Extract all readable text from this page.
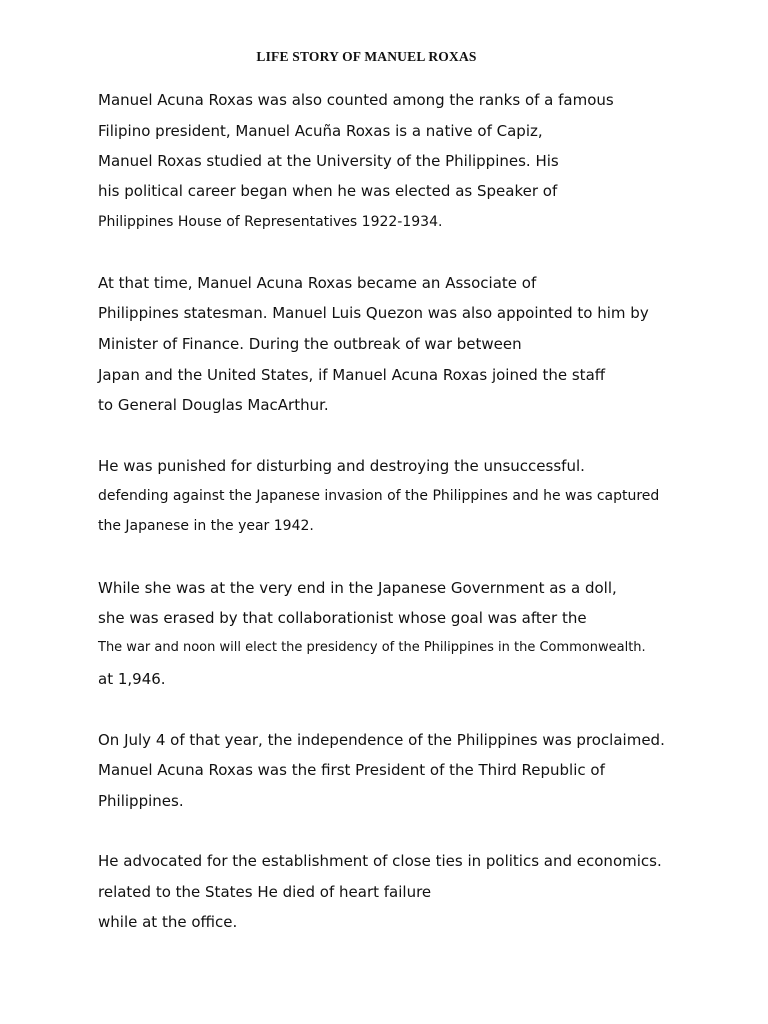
LIFE STORY OF MANUEL ROXAS
Manuel Acuna Roxas was also counted among the ranks of a famous
Filipino president, Manuel Acuña Roxas is a native of Capiz,
Manuel Roxas studied at the University of the Philippines. His
his political career began when he was elected as Speaker of
Philippines House of Representatives 1922-1934.
At that time, Manuel Acuna Roxas became an Associate of
Philippines statesman. Manuel Luis Quezon was also appointed to him by
Minister of Finance. During the outbreak of war between
Japan and the United States, if Manuel Acuna Roxas joined the staff
to General Douglas MacArthur.
He was punished for disturbing and destroying the unsuccessful.
defending against the Japanese invasion of the Philippines and he was captured
the Japanese in the year 1942.
While she was at the very end in the Japanese Government as a doll,
she was erased by that collaborationist whose goal was after the
The war and noon will elect the presidency of the Philippines in the Commonwealth.
at 1,946.
On July 4 of that year, the independence of the Philippines was proclaimed.
Manuel Acuna Roxas was the first President of the Third Republic of
Philippines.
He advocated for the establishment of close ties in politics and economics.
related to the States He died of heart failure
while at the office.
